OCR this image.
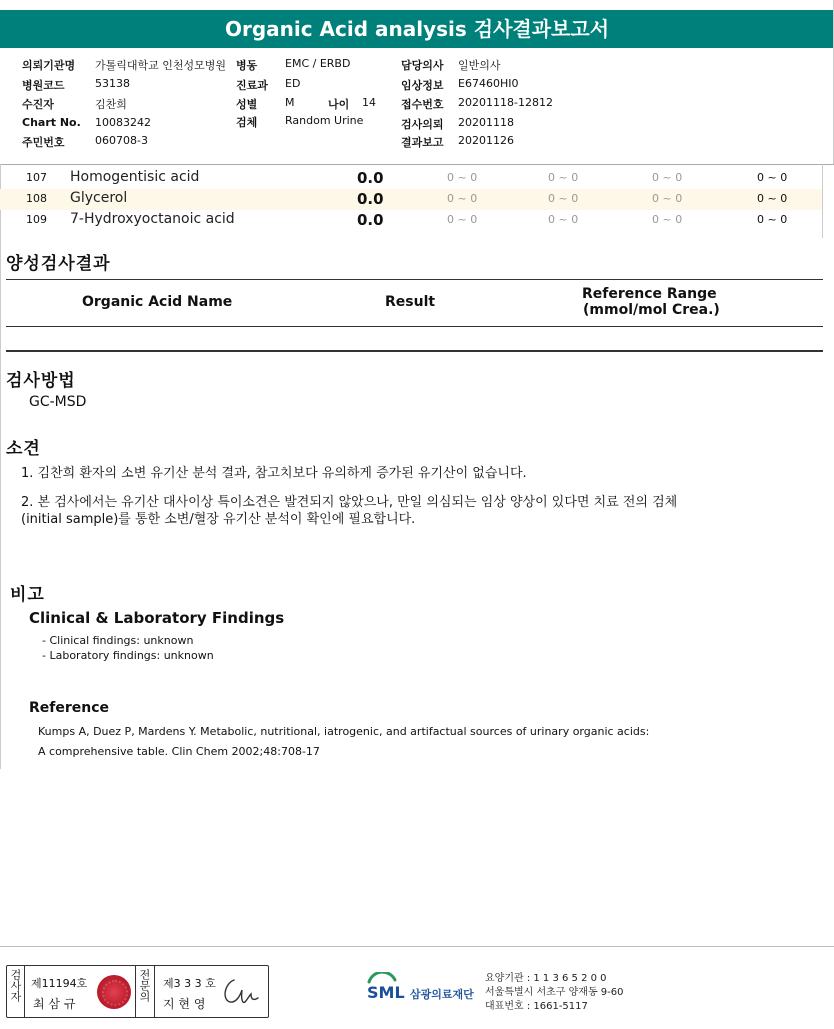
Organic Acid analysis 검사결과보고서
의뢰기관명 가톨릭대학교 인천성모병원 병동	EMC / ERBD	담당의사 일반의사
병원코드	53138	진료과 ED	임상정보 E67460HI0
수진자	김찬희	성별	M	나이 14 접수번호 20201118-12812
Chart No. 10083242	검체	Random Urine	검사의뢰 20201118
주민번호	060708-3	결과보고 20201126
107 Homogentisic acid	0.0	0 ~ 0	0 ~ 0	0 ~ 0	0 ~ 0
108 Glycerol	0.0	0 ~ 0	0 ~ 0	0 ~ 0	0 ~ 0
109 7-Hydroxyoctanoic acid	0.0	0 ~ 0	0 ~ 0	0 ~ 0	0 ~ 0
양성검사결과
Organic Acid Name	Result	Reference Range
(mmol/mol Crea.)
검사방법
GC-MSD
소견
1. 김찬희 환자의 소변 유기산 분석 결과, 참고치보다 유의하게 증가된 유기산이 없습니다.
2. 본 검사에서는 유기산 대사이상 특이소견은 발견되지 않았으나, 만일 의심되는 임상 양상이 있다면 치료 전의 검체
(initial sample)를 통한 소변/혈장 유기산 분석이 확인에 필요합니다.
비고
Clinical & Laboratory Findings
- Clinical findings: unknown
- Laboratory findings: unknown
Reference
Kumps A, Duez P, Mardens Y. Metabolic, nutritional, iatrogenic, and artifactual sources of urinary organic acids:
A comprehensive table. Clin Chem 2002;48:708-17
검사자 제11194호
최 삼 규
전문의 제3 3 3 호
지 현 영
SML 삼광의료재단
요양기관 : 1 1 3 6 5 2 0 0
서울특별시 서초구 양재동 9-60
대표번호 : 1661-5117
